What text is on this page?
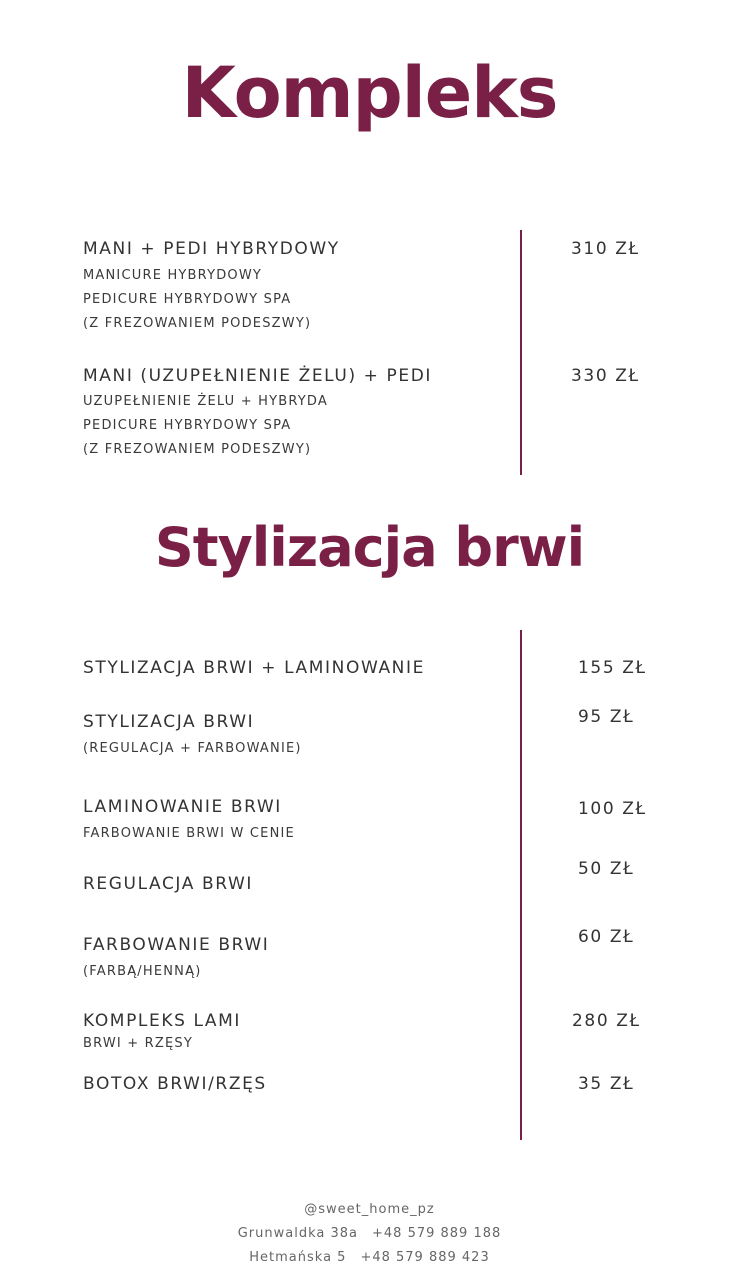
Kompleks
MANI + PEDI HYBRYDOWY
MANICURE HYBRYDOWY
PEDICURE HYBRYDOWY SPA
(Z FREZOWANIEM PODESZWY)
310 ZŁ
MANI (UZUPEŁNIENIE ŻELU) + PEDI
UZUPEŁNIENIE ŻELU + HYBRYDA
PEDICURE HYBRYDOWY SPA
(Z FREZOWANIEM PODESZWY)
330 ZŁ
Stylizacja brwi
STYLIZACJA BRWI + LAMINOWANIE	155 ZŁ
STYLIZACJA BRWI
(REGULACJA + FARBOWANIE)
95 ZŁ
LAMINOWANIE BRWI
FARBOWANIE BRWI W CENIE
100 ZŁ
REGULACJA BRWI
50 ZŁ
FARBOWANIE BRWI
(FARBĄ/HENNĄ)
60 ZŁ
KOMPLEKS LAMI
BRWI + RZĘSY
280 ZŁ
BOTOX BRWI/RZĘS	35 ZŁ
@sweet_home_pz
Grunwaldka 38a +48 579 889 188
Hetmańska 5 +48 579 889 423
